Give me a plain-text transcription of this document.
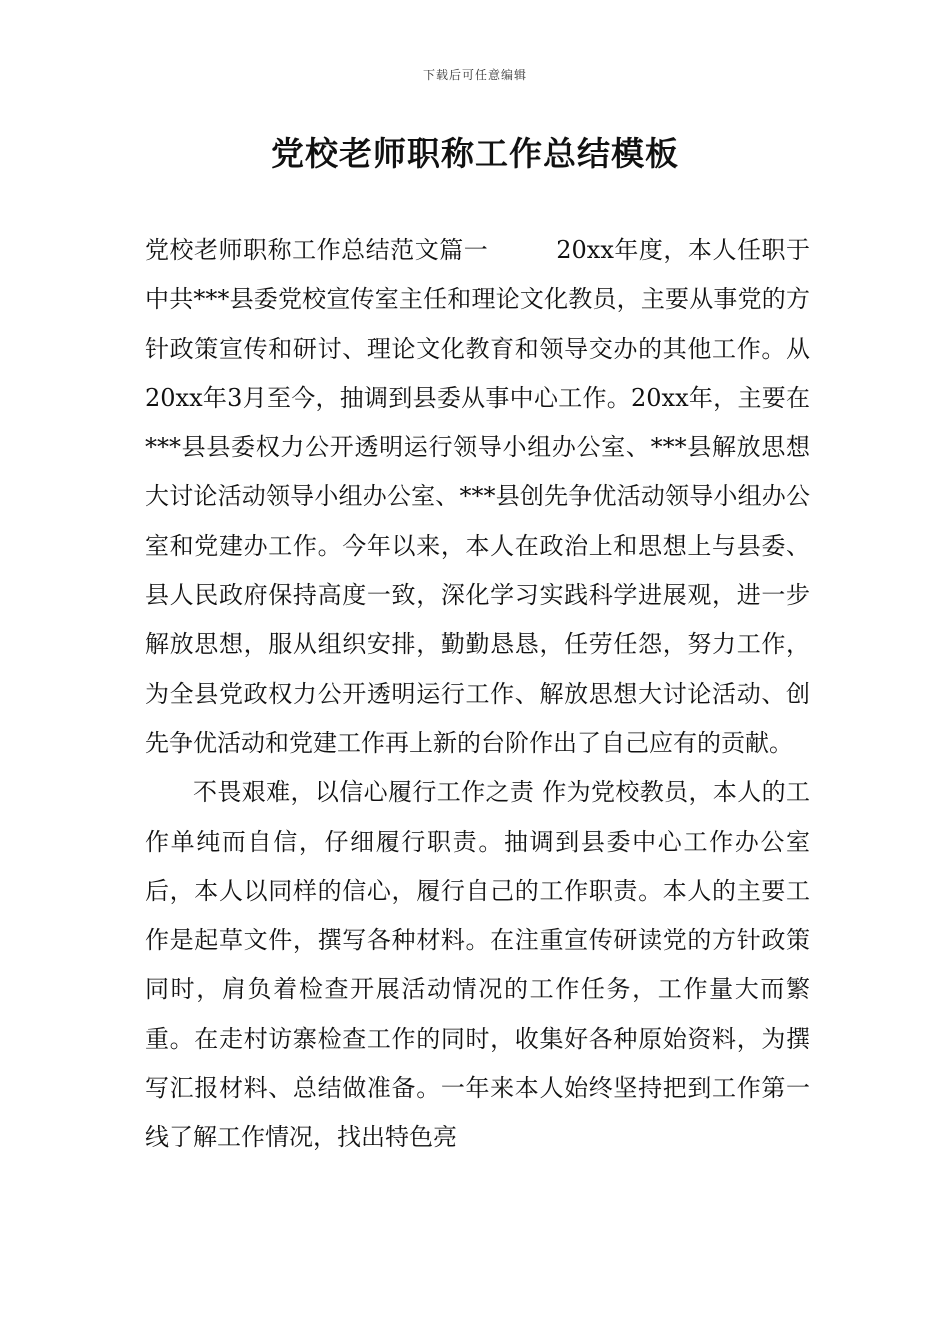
下载后可任意编辑
党校老师职称工作总结模板

党校老师职称工作总结范文篇一	20xx年度，本人任职于中共***县委党校宣传室主任和理论文化教员，主要从事党的方针政策宣传和研讨、理论文化教育和领导交办的其他工作。从20xx年3月至今，抽调到县委从事中心工作。20xx年，主要在***县县委权力公开透明运行领导小组办公室、***县解放思想大讨论活动领导小组办公室、***县创先争优活动领导小组办公室和党建办工作。今年以来，本人在政治上和思想上与县委、县人民政府保持高度一致，深化学习实践科学进展观，进一步解放思想，服从组织安排，勤勤恳恳，任劳任怨，努力工作，为全县党政权力公开透明运行工作、解放思想大讨论活动、创先争优活动和党建工作再上新的台阶作出了自己应有的贡献。

不畏艰难，以信心履行工作之责 作为党校教员，本人的工作单纯而自信，仔细履行职责。抽调到县委中心工作办公室后，本人以同样的信心，履行自己的工作职责。本人的主要工作是起草文件，撰写各种材料。在注重宣传研读党的方针政策同时，肩负着检查开展活动情况的工作任务，工作量大而繁重。在走村访寨检查工作的同时，收集好各种原始资料，为撰写汇报材料、总结做准备。一年来本人始终坚持把到工作第一线了解工作情况，找出特色亮
